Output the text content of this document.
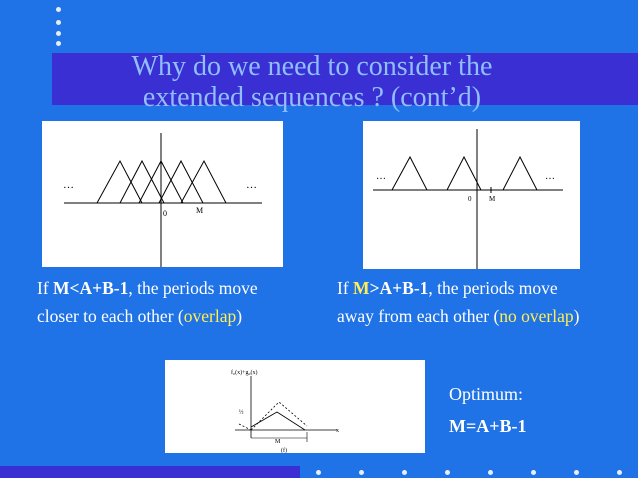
Why do we need to consider the
extended sequences ? (cont’d)
…	…
0	M
…	…
0	M
If M<A+B-1, the periods move
closer to each other (overlap)
If M>A+B-1, the periods move
away from each other (no overlap)
f₀(x)+g₀(x)
½
x
M
(f)
Optimum:
M=A+B-1
